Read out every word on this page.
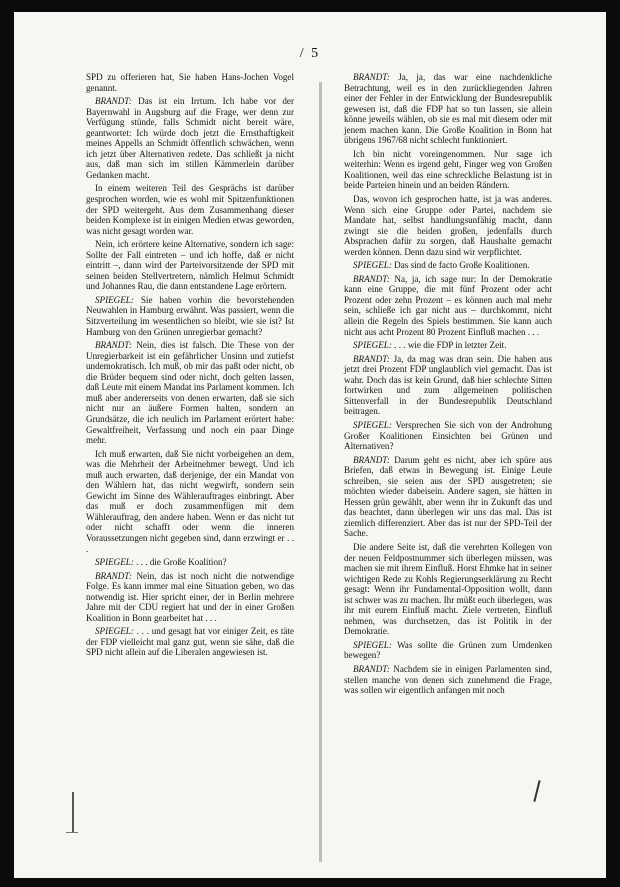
/ 5

SPD zu offerieren hat, Sie haben Hans-Jochen Vogel genannt.

BRANDT: Das ist ein Irrtum. Ich habe vor der Bayernwahl in Augsburg auf die Frage, wer denn zur Verfügung stünde, falls Schmidt nicht bereit wäre, geantwortet: Ich würde doch jetzt die Ernsthaftigkeit meines Appells an Schmidt öffentlich schwächen, wenn ich jetzt über Alternativen redete. Das schließt ja nicht aus, daß man sich im stillen Kämmerlein darüber Gedanken macht.

In einem weiteren Teil des Gesprächs ist darüber gesprochen worden, wie es wohl mit Spitzenfunktionen der SPD weitergeht. Aus dem Zusammenhang dieser beiden Komplexe ist in einigen Medien etwas geworden, was nicht gesagt worden war.

Nein, ich erörtere keine Alternative, sondern ich sage: Sollte der Fall eintreten – und ich hoffe, daß er nicht eintritt –, dann wird der Parteivorsitzende der SPD mit seinen beiden Stellvertretern, nämlich Helmut Schmidt und Johannes Rau, die dann entstandene Lage erörtern.

SPIEGEL: Sie haben vorhin die bevorstehenden Neuwahlen in Hamburg erwähnt. Was passiert, wenn die Sitzverteilung im wesentlichen so bleibt, wie sie ist? Ist Hamburg von den Grünen unregierbar gemacht?

BRANDT: Nein, dies ist falsch. Die These von der Unregierbarkeit ist ein gefährlicher Unsinn und zutiefst undemokratisch. Ich muß, ob mir das paßt oder nicht, ob die Brüder bequem sind oder nicht, doch gelten lassen, daß Leute mit einem Mandat ins Parlament kommen. Ich muß aber andererseits von denen erwarten, daß sie sich nicht nur an äußere Formen halten, sondern an Grundsätze, die ich neulich im Parlament erörtert habe: Gewaltfreiheit, Verfassung und noch ein paar Dinge mehr.

Ich muß erwarten, daß Sie nicht vorbeigehen an dem, was die Mehrheit der Arbeitnehmer bewegt. Und ich muß auch erwarten, daß derjenige, der ein Mandat von den Wählern hat, das nicht wegwirft, sondern sein Gewicht im Sinne des Wählerauftrages einbringt. Aber das muß er doch zusammenfügen mit dem Wählerauftrag, den andere haben. Wenn er das nicht tut oder nicht schafft oder wenn die inneren Voraussetzungen nicht gegeben sind, dann erzwingt er . . .

SPIEGEL: . . . die Große Koalition?

BRANDT: Nein, das ist noch nicht die notwendige Folge. Es kann immer mal eine Situation geben, wo das notwendig ist. Hier spricht einer, der in Berlin mehrere Jahre mit der CDU regiert hat und der in einer Großen Koalition in Bonn gearbeitet hat . . .

SPIEGEL: . . . und gesagt hat vor einiger Zeit, es täte der FDP vielleicht mal ganz gut, wenn sie sähe, daß die SPD nicht allein auf die Liberalen angewiesen ist.

BRANDT: Ja, ja, das war eine nachdenkliche Betrachtung, weil es in den zurückliegenden Jahren einer der Fehler in der Entwicklung der Bundesrepublik gewesen ist, daß die FDP hat so tun lassen, sie allein könne jeweils wählen, ob sie es mal mit diesem oder mit jenem machen kann. Die Große Koalition in Bonn hat übrigens 1967/68 nicht schlecht funktioniert.

Ich bin nicht voreingenommen. Nur sage ich weiterhin: Wenn es irgend geht, Finger weg von Großen Koalitionen, weil das eine schreckliche Belastung ist in beide Parteien hinein und an beiden Rändern.

Das, wovon ich gesprochen hatte, ist ja was anderes. Wenn sich eine Gruppe oder Partei, nachdem sie Mandate hat, selbst handlungsunfähig macht, dann zwingt sie die beiden großen, jedenfalls durch Absprachen dafür zu sorgen, daß Haushalte gemacht werden können. Denn dazu sind wir verpflichtet.

SPIEGEL: Das sind de facto Große Koalitionen.

BRANDT: Na, ja, ich sage nur: In der Demokratie kann eine Gruppe, die mit fünf Prozent oder acht Prozent oder zehn Prozent – es können auch mal mehr sein, schließe ich gar nicht aus – durchkommt, nicht allein die Regeln des Spiels bestimmen. Sie kann auch nicht aus acht Prozent 80 Prozent Einfluß machen . . .

SPIEGEL: . . . wie die FDP in letzter Zeit.

BRANDT: Ja, da mag was dran sein. Die haben aus jetzt drei Prozent FDP unglaublich viel gemacht. Das ist wahr. Doch das ist kein Grund, daß hier schlechte Sitten fortwirken und zum allgemeinen politischen Sittenverfall in der Bundesrepublik Deutschland beitragen.

SPIEGEL: Versprechen Sie sich von der Androhung Großer Koalitionen Einsichten bei Grünen und Alternativen?

BRANDT: Darum geht es nicht, aber ich spüre aus Briefen, daß etwas in Bewegung ist. Einige Leute schreiben, sie seien aus der SPD ausgetreten; sie möchten wieder dabeisein. Andere sagen, sie hätten in Hessen grün gewählt, aber wenn ihr in Zukunft das und das beachtet, dann überlegen wir uns das mal. Das ist ziemlich differenziert. Aber das ist nur der SPD-Teil der Sache.

Die andere Seite ist, daß die verehrten Kollegen von der neuen Feldpostnummer sich überlegen müssen, was machen sie mit ihrem Einfluß. Horst Ehmke hat in seiner wichtigen Rede zu Kohls Regierungserklärung zu Recht gesagt: Wenn ihr Fundamental-Opposition wollt, dann ist schwer was zu machen. Ihr müßt euch überlegen, was ihr mit eurem Einfluß macht. Ziele vertreten, Einfluß nehmen, was durchsetzen, das ist Politik in der Demokratie.

SPIEGEL: Was sollte die Grünen zum Umdenken bewegen?

BRANDT: Nachdem sie in einigen Parlamenten sind, stellen manche von denen sich zunehmend die Frage, was sollen wir eigentlich anfangen mit noch
